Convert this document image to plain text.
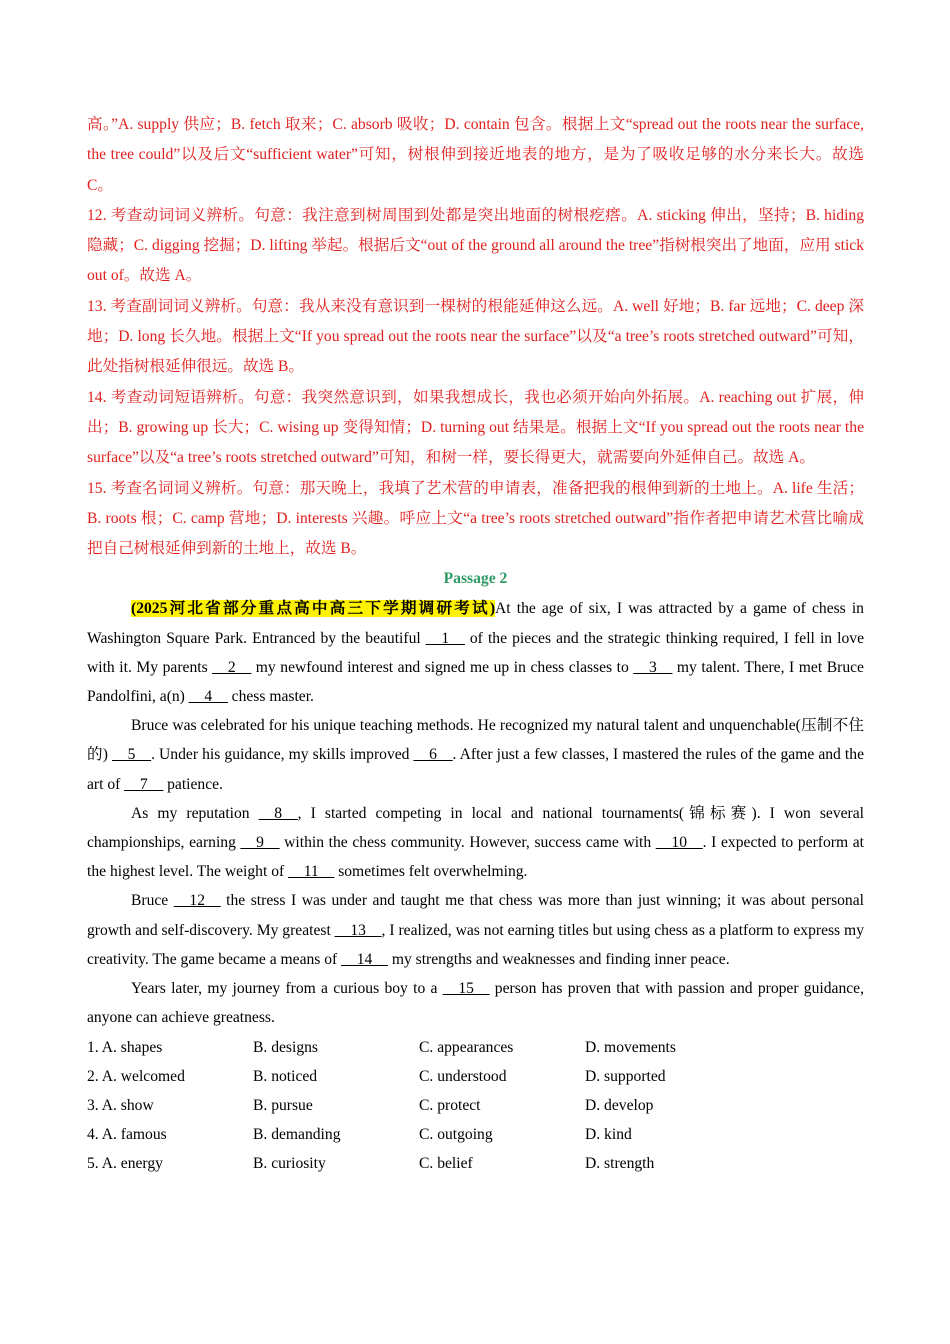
高。”A. supply 供应；B. fetch 取来；C. absorb 吸收；D. contain 包含。根据上文“spread out the roots near the surface, the tree could”以及后文“sufficient water”可知，树根伸到接近地表的地方，是为了吸收足够的水分来长大。故选 C。

12. 考查动词词义辨析。句意：我注意到树周围到处都是突出地面的树根疙瘩。A. sticking 伸出，坚持；B. hiding 隐藏；C. digging 挖掘；D. lifting 举起。根据后文“out of the ground all around the tree”指树根突出了地面，应用 stick out of。故选 A。

13. 考查副词词义辨析。句意：我从来没有意识到一棵树的根能延伸这么远。A. well 好地；B. far 远地；C. deep 深地；D. long 长久地。根据上文“If you spread out the roots near the surface”以及“a tree’s roots stretched outward”可知，此处指树根延伸很远。故选 B。

14. 考查动词短语辨析。句意：我突然意识到，如果我想成长，我也必须开始向外拓展。A. reaching out 扩展，伸出；B. growing up 长大；C. wising up 变得知情；D. turning out 结果是。根据上文“If you spread out the roots near the surface”以及“a tree’s roots stretched outward”可知，和树一样，要长得更大，就需要向外延伸自己。故选 A。

15. 考查名词词义辨析。句意：那天晚上，我填了艺术营的申请表，准备把我的根伸到新的土地上。A. life 生活；B. roots 根；C. camp 营地；D. interests 兴趣。呼应上文“a tree’s roots stretched outward”指作者把申请艺术营比喻成把自己树根延伸到新的土地上，故选 B。

Passage 2

(2025河北省部分重点高中高三下学期调研考试)At the age of six, I was attracted by a game of chess in Washington Square Park. Entranced by the beautiful __1__ of the pieces and the strategic thinking required, I fell in love with it. My parents __2__ my newfound interest and signed me up in chess classes to __3__ my talent. There, I met Bruce Pandolfini, a(n) __4__ chess master.

Bruce was celebrated for his unique teaching methods. He recognized my natural talent and unquenchable(压制不住的) __5__. Under his guidance, my skills improved __6__. After just a few classes, I mastered the rules of the game and the art of __7__ patience.

As my reputation __8__, I started competing in local and national tournaments(锦标赛). I won several championships, earning __9__ within the chess community. However, success came with __10__. I expected to perform at the highest level. The weight of __11__ sometimes felt overwhelming.

Bruce __12__ the stress I was under and taught me that chess was more than just winning; it was about personal growth and self-discovery. My greatest __13__, I realized, was not earning titles but using chess as a platform to express my creativity. The game became a means of __14__ my strengths and weaknesses and finding inner peace.

Years later, my journey from a curious boy to a __15__ person has proven that with passion and proper guidance, anyone can achieve greatness.

1. A. shapes	B. designs	C. appearances	D. movements
2. A. welcomed	B. noticed	C. understood	D. supported
3. A. show	B. pursue	C. protect	D. develop
4. A. famous	B. demanding	C. outgoing	D. kind
5. A. energy	B. curiosity	C. belief	D. strength
